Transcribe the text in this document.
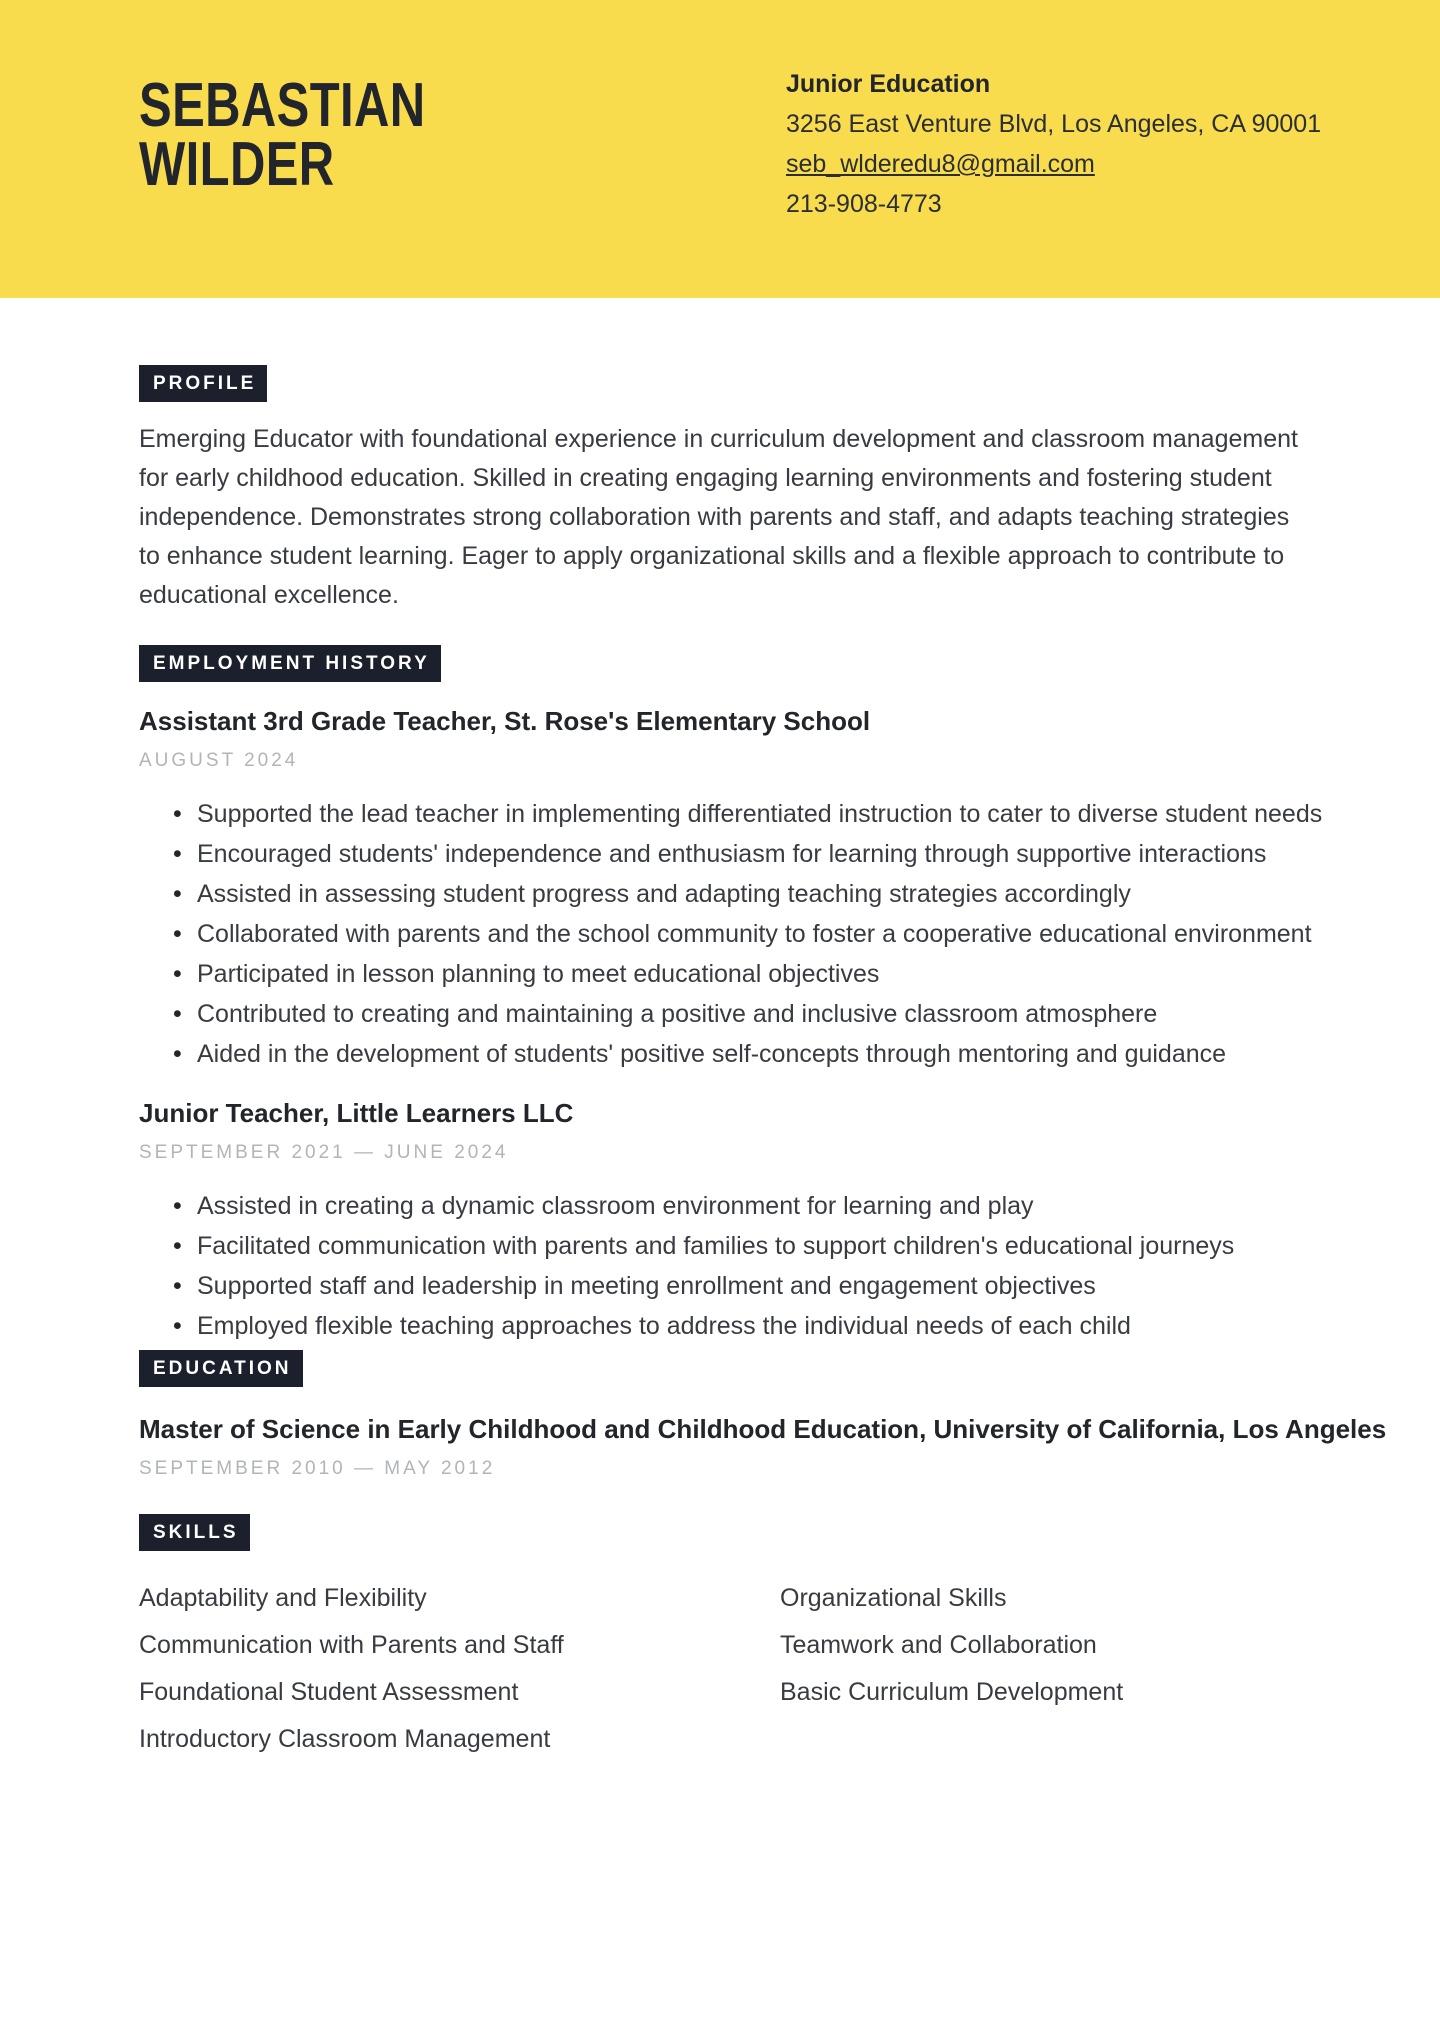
SEBASTIAN
WILDER
Junior Education
3256 East Venture Blvd, Los Angeles, CA 90001
seb_wlderedu8@gmail.com
213-908-4773
PROFILE

Emerging Educator with foundational experience in curriculum development and classroom management for early childhood education. Skilled in creating engaging learning environments and fostering student independence. Demonstrates strong collaboration with parents and staff, and adapts teaching strategies to enhance student learning. Eager to apply organizational skills and a flexible approach to contribute to educational excellence.

EMPLOYMENT HISTORY
Assistant 3rd Grade Teacher, St. Rose's Elementary School
AUGUST 2024
• Supported the lead teacher in implementing differentiated instruction to cater to diverse student needs
• Encouraged students' independence and enthusiasm for learning through supportive interactions
• Assisted in assessing student progress and adapting teaching strategies accordingly
• Collaborated with parents and the school community to foster a cooperative educational environment
• Participated in lesson planning to meet educational objectives
• Contributed to creating and maintaining a positive and inclusive classroom atmosphere
• Aided in the development of students' positive self-concepts through mentoring and guidance
Junior Teacher, Little Learners LLC
SEPTEMBER 2021 — JUNE 2024
• Assisted in creating a dynamic classroom environment for learning and play
• Facilitated communication with parents and families to support children's educational journeys
• Supported staff and leadership in meeting enrollment and engagement objectives
• Employed flexible teaching approaches to address the individual needs of each child
EDUCATION
Master of Science in Early Childhood and Childhood Education, University of California, Los Angeles
SEPTEMBER 2010 — MAY 2012
SKILLS
Adaptability and Flexibility
Communication with Parents and Staff
Foundational Student Assessment
Introductory Classroom Management
Organizational Skills
Teamwork and Collaboration
Basic Curriculum Development
